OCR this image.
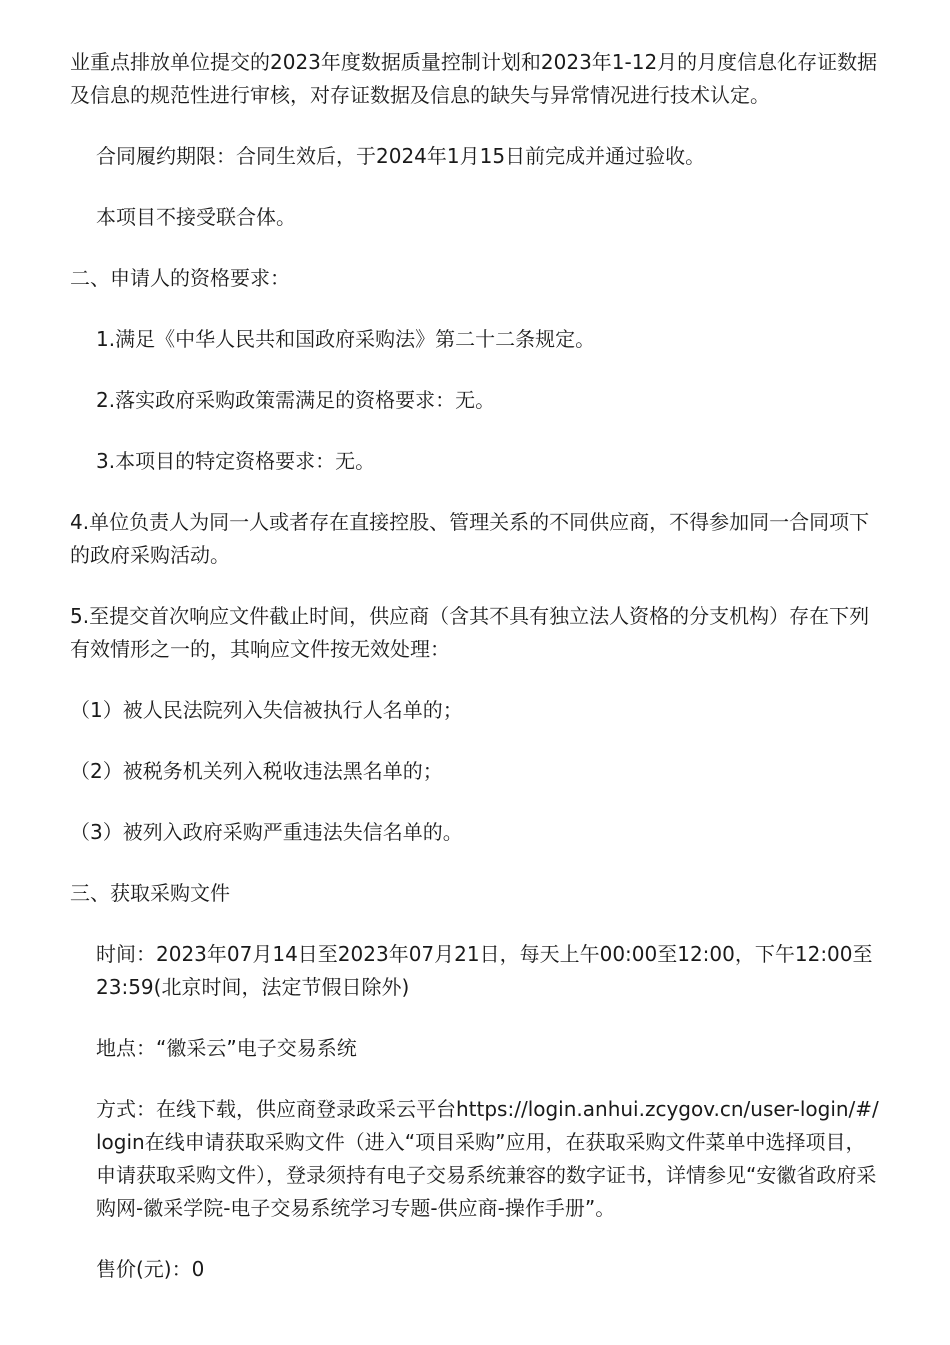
业重点排放单位提交的2023年度数据质量控制计划和2023年1-12月的月度信息化存证数据及信息的规范性进行审核，对存证数据及信息的缺失与异常情况进行技术认定。

合同履约期限：合同生效后，于2024年1月15日前完成并通过验收。

本项目不接受联合体。

二、申请人的资格要求：

1.满足《中华人民共和国政府采购法》第二十二条规定。

2.落实政府采购政策需满足的资格要求：无。

3.本项目的特定资格要求：无。

4.单位负责人为同一人或者存在直接控股、管理关系的不同供应商，不得参加同一合同项下的政府采购活动。

5.至提交首次响应文件截止时间，供应商（含其不具有独立法人资格的分支机构）存在下列有效情形之一的，其响应文件按无效处理：

（1）被人民法院列入失信被执行人名单的；

（2）被税务机关列入税收违法黑名单的；

（3）被列入政府采购严重违法失信名单的。

三、获取采购文件

时间：2023年07月14日至2023年07月21日，每天上午00:00至12:00，下午12:00至23:59(北京时间，法定节假日除外)

地点：“徽采云”电子交易系统

方式：在线下载，供应商登录政采云平台https://login.anhui.zcygov.cn/user-login/#/login在线申请获取采购文件（进入“项目采购”应用，在获取采购文件菜单中选择项目，申请获取采购文件），登录须持有电子交易系统兼容的数字证书，详情参见“安徽省政府采购网-徽采学院-电子交易系统学习专题-供应商-操作手册”。

售价(元)：0
